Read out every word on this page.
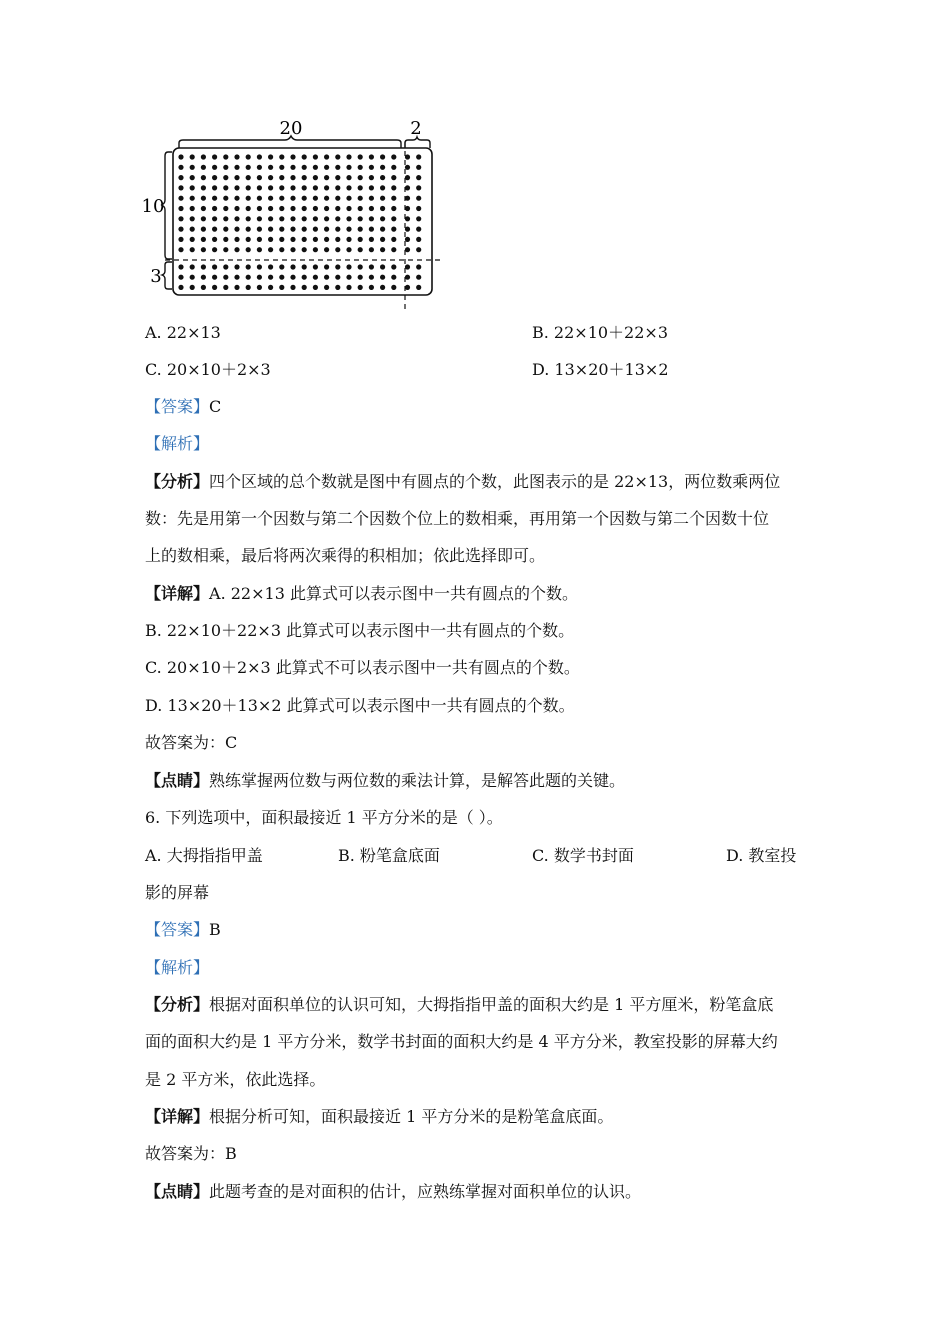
20	2
10
3
A. 22×13	B. 22×10＋22×3
C. 20×10＋2×3	D. 13×20＋13×2
【答案】C
【解析】
【分析】四个区域的总个数就是图中有圆点的个数，此图表示的是 22×13，两位数乘两位
数：先是用第一个因数与第二个因数个位上的数相乘，再用第一个因数与第二个因数十位
上的数相乘，最后将两次乘得的积相加；依此选择即可。
【详解】A. 22×13 此算式可以表示图中一共有圆点的个数。
B. 22×10＋22×3 此算式可以表示图中一共有圆点的个数。
C. 20×10＋2×3 此算式不可以表示图中一共有圆点的个数。
D. 13×20＋13×2 此算式可以表示图中一共有圆点的个数。
故答案为：C
【点睛】熟练掌握两位数与两位数的乘法计算，是解答此题的关键。
6. 下列选项中，面积最接近 1 平方分米的是（ ）。
A. 大拇指指甲盖	B. 粉笔盒底面	C. 数学书封面	D. 教室投
影的屏幕
【答案】B
【解析】
【分析】根据对面积单位的认识可知，大拇指指甲盖的面积大约是 1 平方厘米，粉笔盒底
面的面积大约是 1 平方分米，数学书封面的面积大约是 4 平方分米，教室投影的屏幕大约
是 2 平方米，依此选择。
【详解】根据分析可知，面积最接近 1 平方分米的是粉笔盒底面。
故答案为：B
【点睛】此题考查的是对面积的估计，应熟练掌握对面积单位的认识。
